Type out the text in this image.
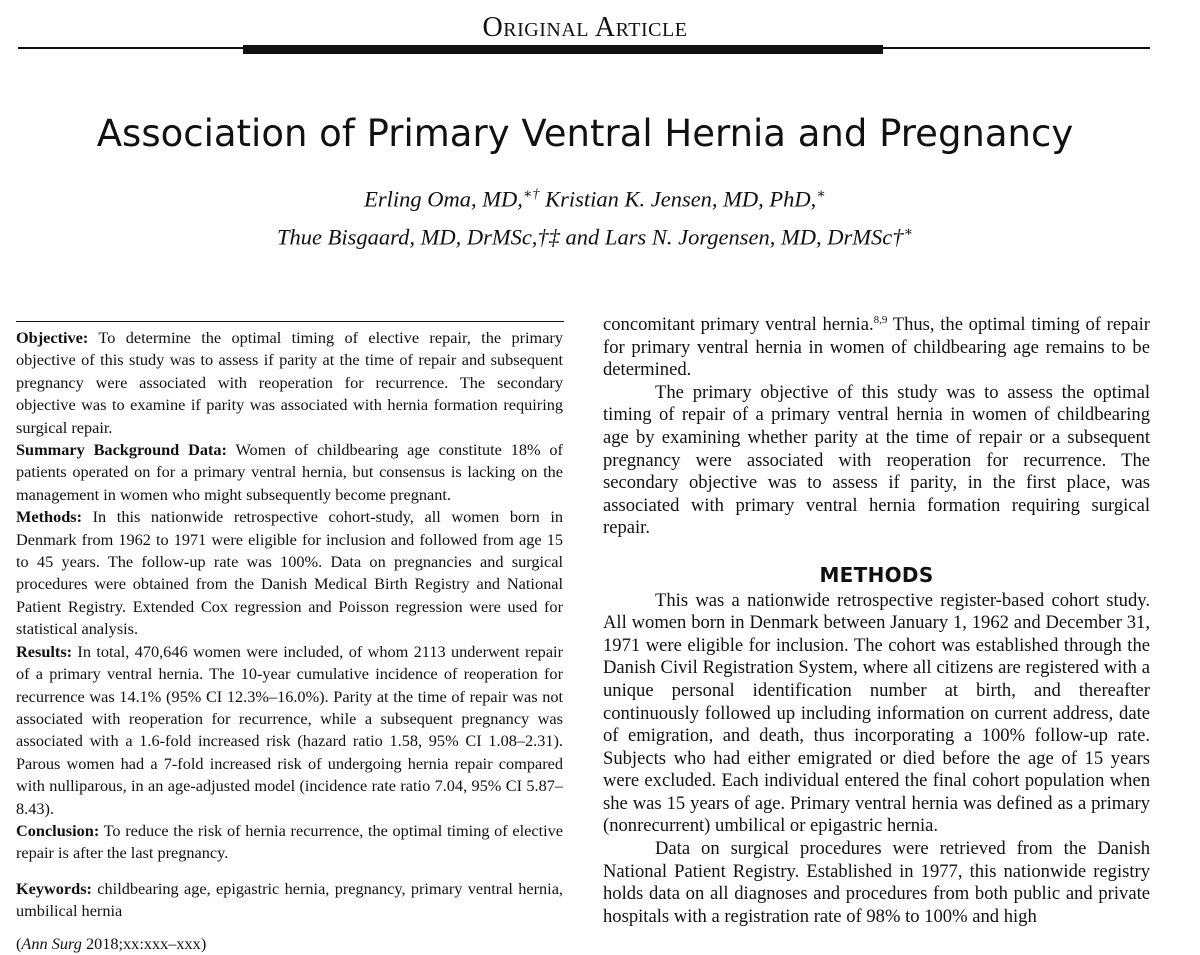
Original Article
Association of Primary Ventral Hernia and Pregnancy
Erling Oma, MD,∗† Kristian K. Jensen, MD, PhD,∗
Thue Bisgaard, MD, DrMSc,†‡ and Lars N. Jorgensen, MD, DrMSc†∗

Objective: To determine the optimal timing of elective repair, the primary objective of this study was to assess if parity at the time of repair and subsequent pregnancy were associated with reoperation for recurrence. The secondary objective was to examine if parity was associated with hernia formation requiring surgical repair.

Summary Background Data: Women of childbearing age constitute 18% of patients operated on for a primary ventral hernia, but consensus is lacking on the management in women who might subsequently become pregnant.

Methods: In this nationwide retrospective cohort-study, all women born in Denmark from 1962 to 1971 were eligible for inclusion and followed from age 15 to 45 years. The follow-up rate was 100%. Data on pregnancies and surgical procedures were obtained from the Danish Medical Birth Registry and National Patient Registry. Extended Cox regression and Poisson regression were used for statistical analysis.

Results: In total, 470,646 women were included, of whom 2113 underwent repair of a primary ventral hernia. The 10-year cumulative incidence of reoperation for recurrence was 14.1% (95% CI 12.3%–16.0%). Parity at the time of repair was not associated with reoperation for recurrence, while a subsequent pregnancy was associated with a 1.6-fold increased risk (hazard ratio 1.58, 95% CI 1.08–2.31). Parous women had a 7-fold increased risk of undergoing hernia repair compared with nulliparous, in an age-adjusted model (incidence rate ratio 7.04, 95% CI 5.87–8.43).

Conclusion: To reduce the risk of hernia recurrence, the optimal timing of elective repair is after the last pregnancy.

Keywords: childbearing age, epigastric hernia, pregnancy, primary ventral hernia, umbilical hernia

(Ann Surg 2018;xx:xxx–xxx)

concomitant primary ventral hernia.$^{8,9}$ Thus, the optimal timing of repair for primary ventral hernia in women of childbearing age remains to be determined.

The primary objective of this study was to assess the optimal timing of repair of a primary ventral hernia in women of childbearing age by examining whether parity at the time of repair or a subsequent pregnancy were associated with reoperation for recurrence. The secondary objective was to assess if parity, in the first place, was associated with primary ventral hernia formation requiring surgical repair.

METHODS

This was a nationwide retrospective register-based cohort study. All women born in Denmark between January 1, 1962 and December 31, 1971 were eligible for inclusion. The cohort was established through the Danish Civil Registration System, where all citizens are registered with a unique personal identification number at birth, and thereafter continuously followed up including information on current address, date of emigration, and death, thus incorporating a 100% follow-up rate. Subjects who had either emigrated or died before the age of 15 years were excluded. Each individual entered the final cohort population when she was 15 years of age. Primary ventral hernia was defined as a primary (nonrecurrent) umbilical or epigastric hernia.

Data on surgical procedures were retrieved from the Danish National Patient Registry. Established in 1977, this nationwide registry holds data on all diagnoses and procedures from both public and private hospitals with a registration rate of 98% to 100% and high
